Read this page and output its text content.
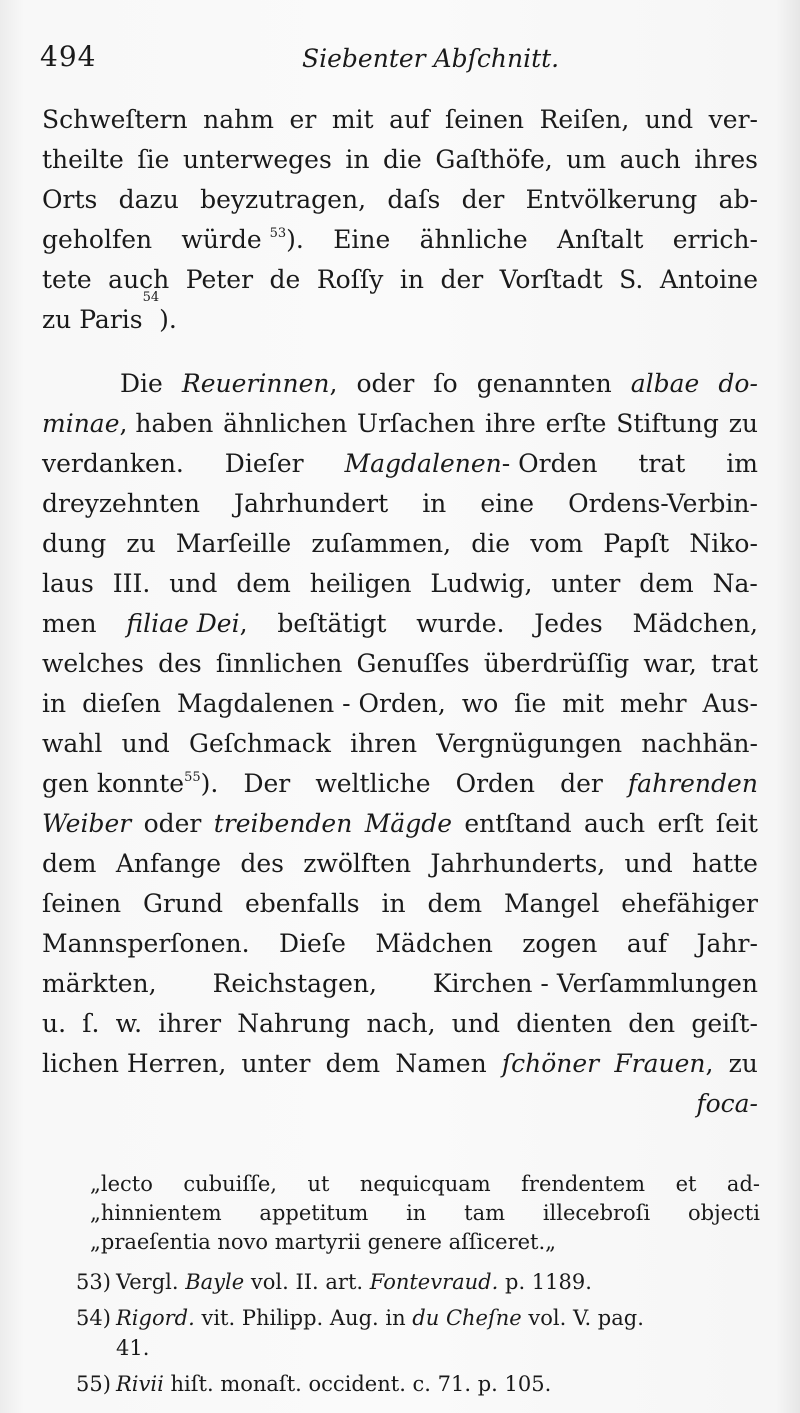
494	Siebenter Abſchnitt.
Schweſtern nahm er mit auf ſeinen Reiſen, und ver-
theilte ſie unterweges in die Gaſthöfe, um auch ihres
Orts dazu beyzutragen, daſs der Entvölkerung ab-
geholfen würde $^{53}$). Eine ähnliche Anſtalt errich-
tete auch Peter de Roſſy in der Vorſtadt S. Antoine
zu Paris
$^{54}$
).
Die Reuerinnen, oder ſo genannten albae do-
minae, haben ähnlichen Urſachen ihre erſte Stiftung zu
verdanken. Dieſer Magdalenen- Orden trat im
dreyzehnten Jahrhundert in eine Ordens-Verbin-
dung zu Marſeille zuſammen, die vom Papſt Niko-
laus III. und dem heiligen Ludwig, unter dem Na-
men filiae Dei, beſtätigt wurde. Jedes Mädchen,
welches des ſinnlichen Genuſſes überdrüſſig war, trat
in dieſen Magdalenen - Orden, wo ſie mit mehr Aus-
wahl und Geſchmack ihren Vergnügungen nachhän-
gen konnte$^{55}$). Der weltliche Orden der fahrenden
Weiber oder treibenden Mägde entſtand auch erſt ſeit
dem Anfange des zwölften Jahrhunderts, und hatte
ſeinen Grund ebenfalls in dem Mangel ehefähiger
Mannsperſonen. Dieſe Mädchen zogen auf Jahr-
märkten, Reichstagen, Kirchen - Verſammlungen
u. ſ. w. ihrer Nahrung nach, und dienten den geiſt-
lichen Herren, unter dem Namen ſchöner Frauen, zu
foca-
„lecto cubuiſſe, ut nequicquam frendentem et ad-
„hinnientem appetitum in tam illecebroſi objecti
„praeſentia novo martyrii genere aſſiceret.„
53) Vergl. Bayle vol. II. art. Fontevraud. p. 1189.
54) Rigord. vit. Philipp. Aug. in du Cheſne vol. V. pag.
41.
55) Rivii hiſt. monaſt. occident. c. 71. p. 105.
